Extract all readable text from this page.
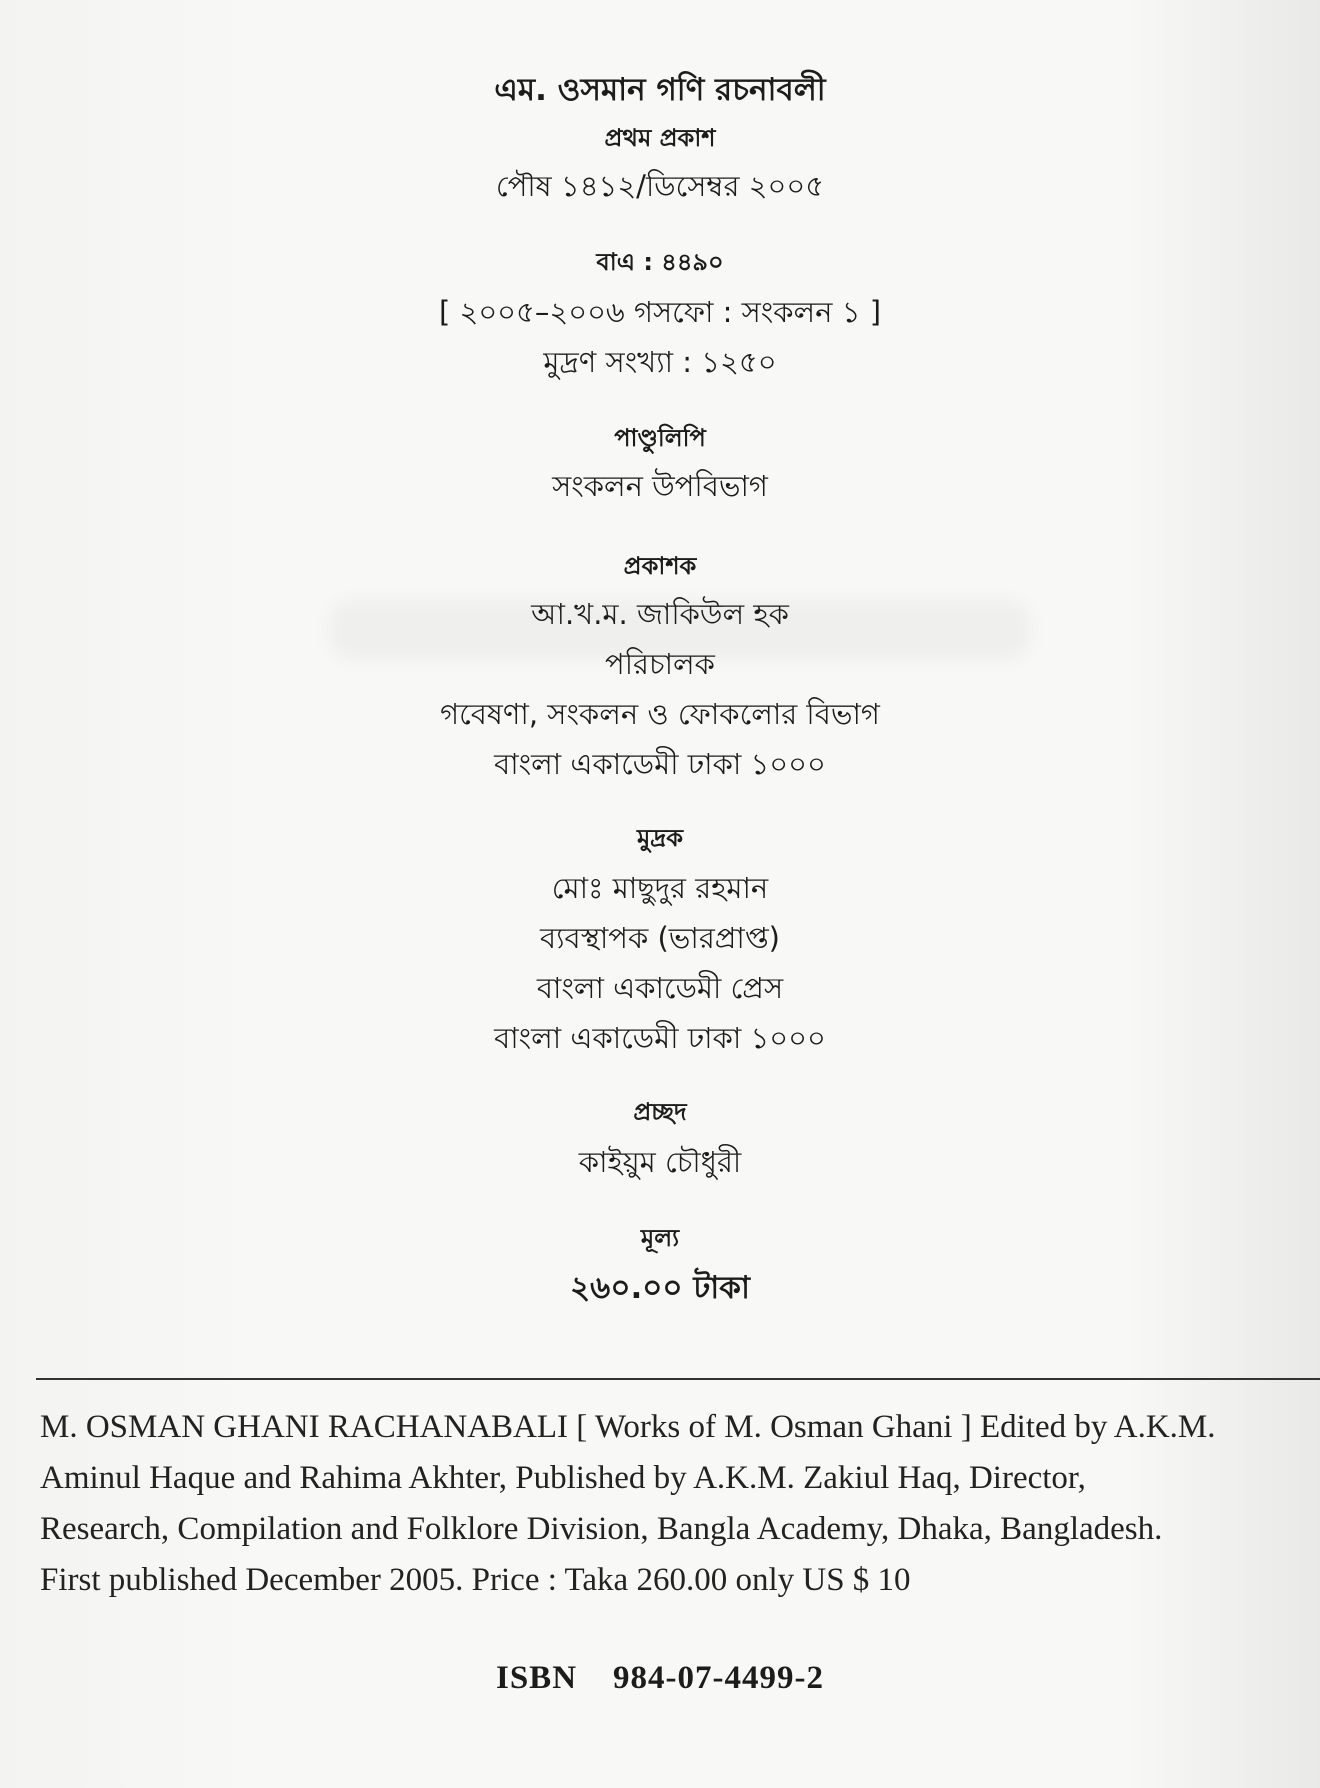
এম. ওসমান গণি রচনাবলী
প্রথম প্রকাশ
পৌষ ১৪১২/ডিসেম্বর ২০০৫
বাএ : ৪৪৯০
[ ২০০৫–২০০৬ গসফো : সংকলন ১ ]
মুদ্রণ সংখ্যা : ১২৫০
পাণ্ডুলিপি
সংকলন উপবিভাগ
প্রকাশক
আ.খ.ম. জাকিউল হক
পরিচালক
গবেষণা, সংকলন ও ফোকলোর বিভাগ
বাংলা একাডেমী ঢাকা ১০০০
মুদ্রক
মোঃ মাছুদুর রহমান
ব্যবস্থাপক (ভারপ্রাপ্ত)
বাংলা একাডেমী প্রেস
বাংলা একাডেমী ঢাকা ১০০০
প্রচ্ছদ
কাইয়ুম চৌধুরী
মূল্য
২৬০.০০ টাকা
M. OSMAN GHANI RACHANABALI [ Works of M. Osman Ghani ] Edited by A.K.M.
Aminul Haque and Rahima Akhter, Published by A.K.M. Zakiul Haq, Director,
Research, Compilation and Folklore Division, Bangla Academy, Dhaka, Bangladesh.
First published December 2005. Price : Taka 260.00 only US $ 10
ISBN 984-07-4499-2
